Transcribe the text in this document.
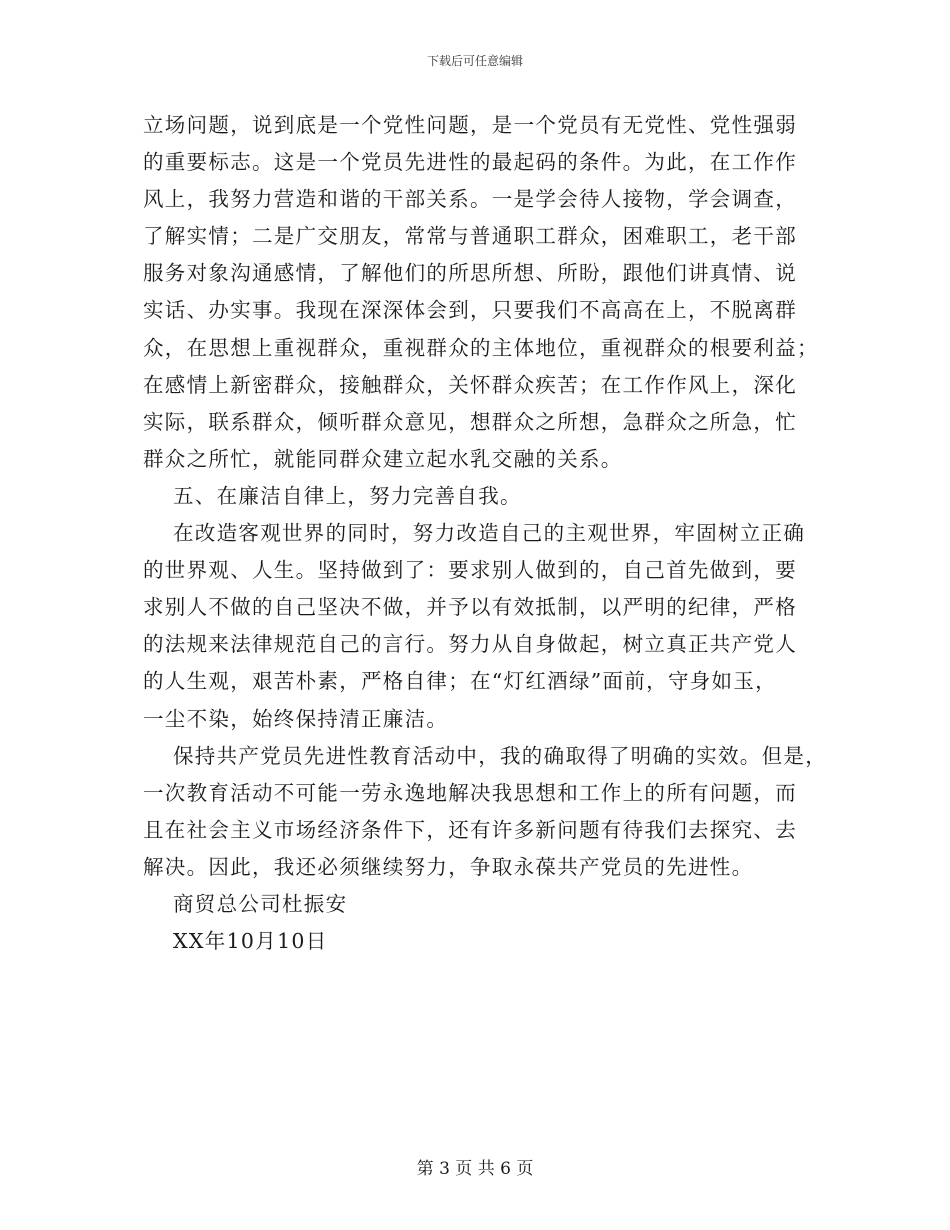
下载后可任意编辑
立场问题，说到底是一个党性问题，是一个党员有无党性、党性强弱
的重要标志。这是一个党员先进性的最起码的条件。为此，在工作作
风上，我努力营造和谐的干部关系。一是学会待人接物，学会调查，
了解实情；二是广交朋友，常常与普通职工群众，困难职工，老干部
服务对象沟通感情，了解他们的所思所想、所盼，跟他们讲真情、说
实话、办实事。我现在深深体会到，只要我们不高高在上，不脱离群
众，在思想上重视群众，重视群众的主体地位，重视群众的根要利益；
在感情上新密群众，接触群众，关怀群众疾苦；在工作作风上，深化
实际，联系群众，倾听群众意见，想群众之所想，急群众之所急，忙
群众之所忙，就能同群众建立起水乳交融的关系。
五、在廉洁自律上，努力完善自我。
在改造客观世界的同时，努力改造自己的主观世界，牢固树立正确
的世界观、人生。坚持做到了：要求别人做到的，自己首先做到，要
求别人不做的自己坚决不做，并予以有效抵制，以严明的纪律，严格
的法规来法律规范自己的言行。努力从自身做起，树立真正共产党人
的人生观，艰苦朴素，严格自律；在“灯红酒绿”面前，守身如玉，
一尘不染，始终保持清正廉洁。
保持共产党员先进性教育活动中，我的确取得了明确的实效。但是，
一次教育活动不可能一劳永逸地解决我思想和工作上的所有问题，而
且在社会主义市场经济条件下，还有许多新问题有待我们去探究、去
解决。因此，我还必须继续努力，争取永葆共产党员的先进性。
商贸总公司杜振安
XX年10月10日
第 3 页 共 6 页
